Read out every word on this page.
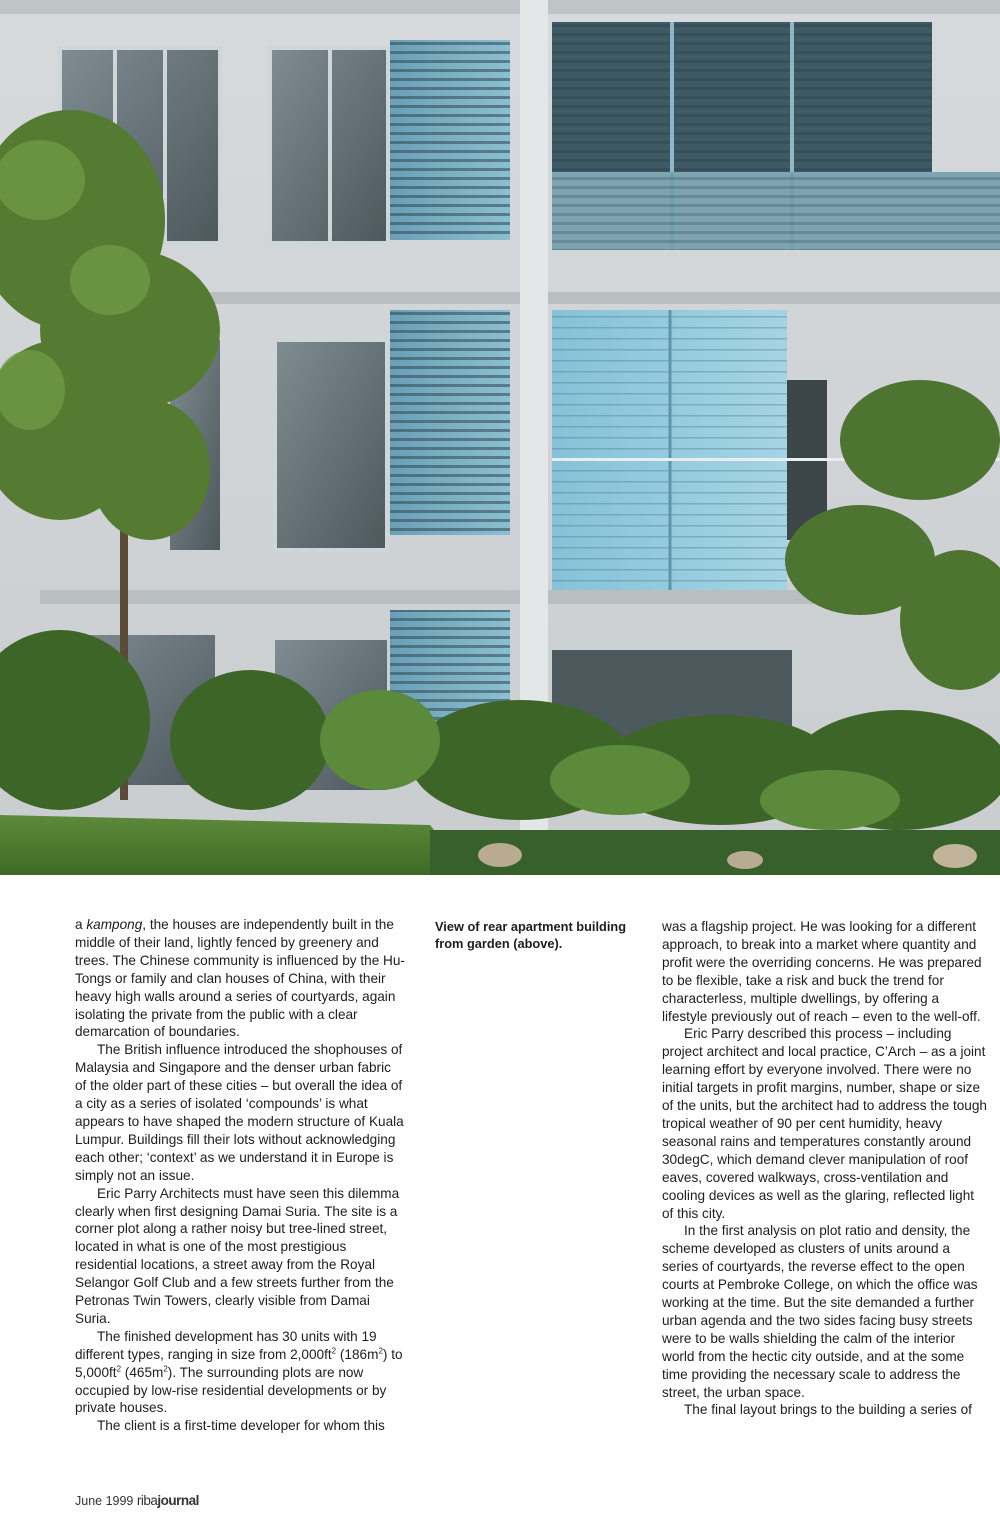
a kampong, the houses are independently built in the middle of their land, lightly fenced by greenery and trees. The Chinese community is influenced by the Hu-Tongs or family and clan houses of China, with their heavy high walls around a series of courtyards, again isolating the private from the public with a clear demarcation of boundaries.

The British influence introduced the shophouses of Malaysia and Singapore and the denser urban fabric of the older part of these cities – but overall the idea of a city as a series of isolated ‘compounds’ is what appears to have shaped the modern structure of Kuala Lumpur. Buildings fill their lots without acknowledging each other; ‘context’ as we understand it in Europe is simply not an issue.

Eric Parry Architects must have seen this dilemma clearly when first designing Damai Suria. The site is a corner plot along a rather noisy but tree-lined street, located in what is one of the most prestigious residential locations, a street away from the Royal Selangor Golf Club and a few streets further from the Petronas Twin Towers, clearly visible from Damai Suria.

The finished development has 30 units with 19 different types, ranging in size from $2,000ft^2$ $(186m^2)$ to $5,000ft^2$ $(465m^2)$. The surrounding plots are now occupied by low-rise residential developments or by private houses.

The client is a first-time developer for whom this

View of rear apartment building from garden (above).

was a flagship project. He was looking for a different approach, to break into a market where quantity and profit were the overriding concerns. He was prepared to be flexible, take a risk and buck the trend for characterless, multiple dwellings, by offering a lifestyle previously out of reach – even to the well-off.

Eric Parry described this process – including project architect and local practice, C’Arch – as a joint learning effort by everyone involved. There were no initial targets in profit margins, number, shape or size of the units, but the architect had to address the tough tropical weather of 90 per cent humidity, heavy seasonal rains and temperatures constantly around 30degC, which demand clever manipulation of roof eaves, covered walkways, cross-ventilation and cooling devices as well as the glaring, reflected light of this city.

In the first analysis on plot ratio and density, the scheme developed as clusters of units around a series of courtyards, the reverse effect to the open courts at Pembroke College, on which the office was working at the time. But the site demanded a further urban agenda and the two sides facing busy streets were to be walls shielding the calm of the interior world from the hectic city outside, and at the some time providing the necessary scale to address the street, the urban space.

The final layout brings to the building a series of

June 1999 ribajournal
